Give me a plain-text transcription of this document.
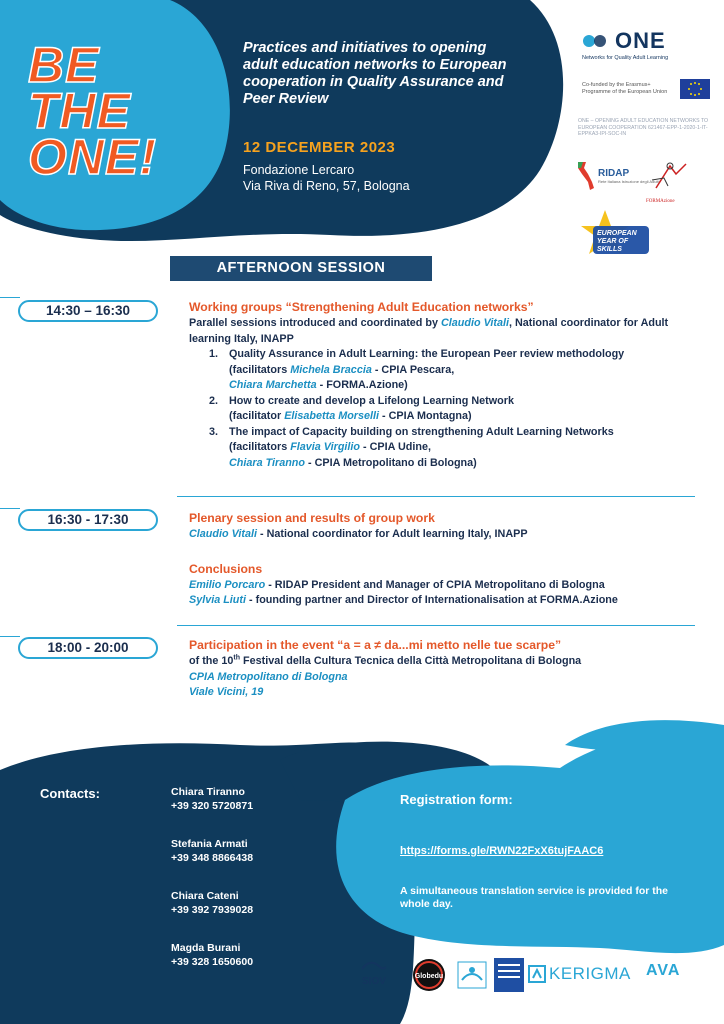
BE
THE
ONE!
Practices and initiatives to opening adult education networks to European cooperation in Quality Assurance and Peer Review
12 DECEMBER 2023
Fondazione Lercaro
Via Riva di Reno, 57, Bologna
ONE
Networks for Quality Adult Learning
Co-funded by the Erasmus+ Programme of the European Union
ONE – OPENING ADULT EDUCATION NETWORKS TO EUROPEAN COOPERATION 621467-EPP-1-2020-1-IT-EPPKA3-IPI-SOC-IN
RIDAP
Rete Italiana Istruzione degli Adulti
FORMAzione
EUROPEAN YEAR OF SKILLS
AFTERNOON SESSION
14:30 – 16:30	Working groups “Strengthening Adult Education networks”
Parallel sessions introduced and coordinated by Claudio Vitali, National coordinator for Adult learning Italy, INAPP
1. Quality Assurance in Adult Learning: the European Peer review methodology
(facilitators Michela Braccia - CPIA Pescara,
Chiara Marchetta - FORMA.Azione)
2. How to create and develop a Lifelong Learning Network
(facilitator Elisabetta Morselli - CPIA Montagna)
3. The impact of Capacity building on strengthening Adult Learning Networks
(facilitators Flavia Virgilio - CPIA Udine,
Chiara Tiranno - CPIA Metropolitano di Bologna)
16:30 - 17:30	Plenary session and results of group work
Claudio Vitali - National coordinator for Adult learning Italy, INAPP
Conclusions
Emilio Porcaro - RIDAP President and Manager of CPIA Metropolitano di Bologna
Sylvia Liuti - founding partner and Director of Internationalisation at FORMA.Azione
18:00 - 20:00	Participation in the event “a = a ≠ da...mi metto nelle tue scarpe”
of the 10th Festival della Cultura Tecnica della Città Metropolitana di Bologna
CPIA Metropolitano di Bologna
Viale Vicini, 19
Contacts:	Chiara Tiranno
+39 320 5720871
Stefania Armati
+39 348 8866438
Chiara Cateni
+39 392 7939028
Magda Burani
+39 328 1650600
Registration form:
https://forms.gle/RWN22FxX6tujFAAC6
A simultaneous translation service is provided for the whole day.
SIOV	Globedu	KERIGMA AVA
